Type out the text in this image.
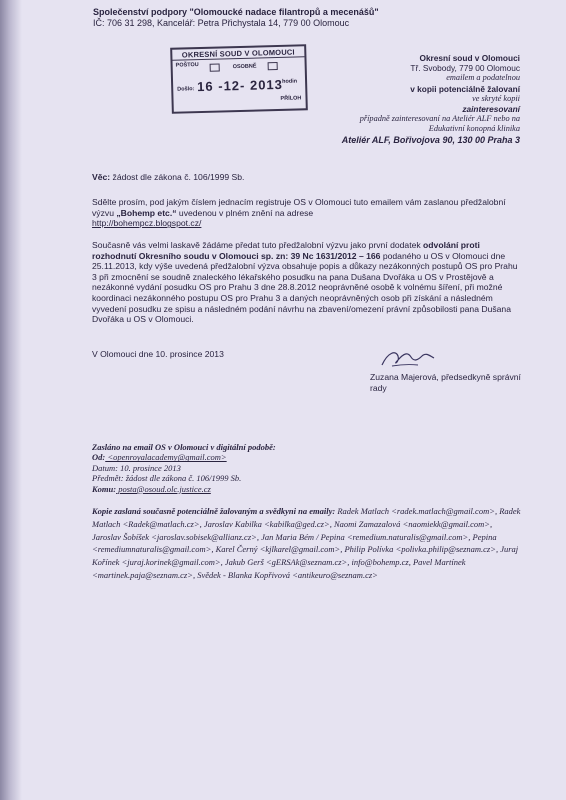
Společenství podpory "Olomoucké nadace filantropů a mecenášů"
IČ: 706 31 298, Kancelář: Petra Přichystala 14, 779 00 Olomouc
OKRESNÍ SOUD V OLOMOUCI
POŠTOU	OSOBNĚ
Došlo: 16 -12- 2013
hodin
PŘÍLOH
Okresní soud v Olomouci
Tř. Svobody, 779 00 Olomouc
emailem a podatelnou
v kopii potenciálně žalovaní
ve skryté kopii
zainteresovaní
případně zainteresovaní na Ateliér ALF nebo na
Edukativní konopná klinika
Ateliér ALF, Bořivojova 90, 130 00 Praha 3
Věc: žádost dle zákona č. 106/1999 Sb.
Sdělte prosím, pod jakým číslem jednacím registruje OS v Olomouci tuto emailem vám zaslanou předžalobní výzvu „Bohemp etc.“ uvedenou v plném znění na adrese
http://bohempcz.blogspot.cz/
Současně vás velmi laskavě žádáme předat tuto předžalobní výzvu jako první dodatek odvolání proti rozhodnutí Okresního soudu v Olomouci sp. zn: 39 Nc 1631/2012 – 166 podaného u OS v Olomouci dne 25.11.2013, kdy výše uvedená předžalobní výzva obsahuje popis a důkazy nezákonných postupů OS pro Prahu 3 při zmocnění se soudně znaleckého lékařského posudku na pana Dušana Dvořáka u OS v Prostějově a nezákonné vydání posudku OS pro Prahu 3 dne 28.8.2012 neoprávněné osobě k volnému šíření, při možné koordinaci nezákonného postupu OS pro Prahu 3 a daných neoprávněných osob při získání a následném vyvedení posudku ze spisu a následném podání návrhu na zbavení/omezení právní způsobilosti pana Dušana Dvořáka u OS v Olomouci.
V Olomouci dne 10. prosince 2013
Zuzana Majerová, předsedkyně správní rady
Zasláno na email OS v Olomouci v digitální podobě:
Od: <openroyalacademy@gmail.com>
Datum: 10. prosince 2013
Předmět: žádost dle zákona č. 106/1999 Sb.
Komu: posta@osoud.olc.justice.cz
Kopie zaslaná současně potenciálně žalovaným a svědkyni na emaily: Radek Matlach <radek.matlach@gmail.com>, Radek Matlach <Radek@matlach.cz>, Jaroslav Kabilka <kabilka@ged.cz>, Naomi Zamazalová <naomiekk@gmail.com>, Jaroslav Šobíšek <jaroslav.sobisek@allianz.cz>, Jan Maria Bém / Pepina <remedium.naturalis@gmail.com>, Pepina <remediumnaturalis@gmail.com>, Karel Černý <kjlkarel@gmail.com>, Philip Polívka <polivka.philip@seznam.cz>, Juraj Kořínek <juraj.korinek@gmail.com>, Jakub Gerš <gERSAk@seznam.cz>, info@bohemp.cz, Pavel Martínek <martinek.paja@seznam.cz>, Svědek - Blanka Kopřivová <antikeuro@seznam.cz>
